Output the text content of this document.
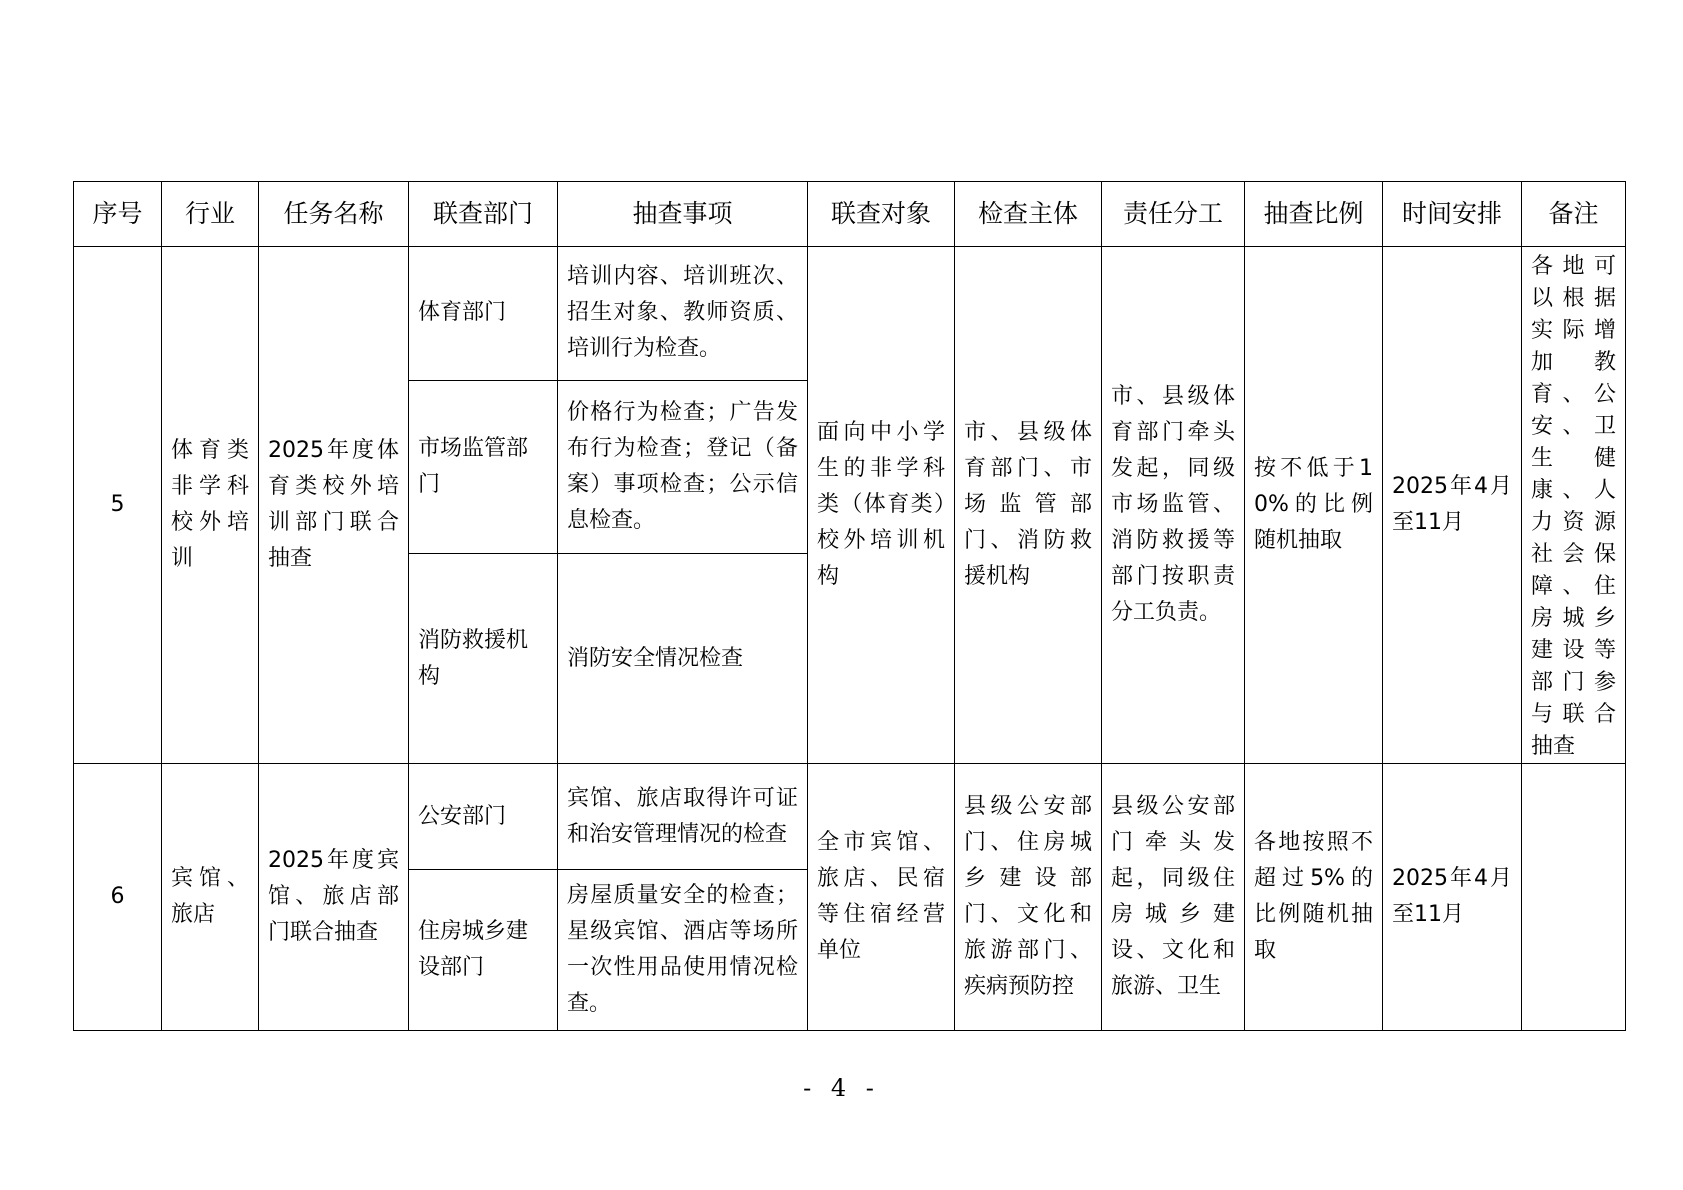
序号	行业	任务名称	联查部门	抽查事项	联查对象	检查主体	责任分工	抽查比例	时间安排	备注
5	体育类非学科校外培训	2025年度体育类校外培训部门联合抽查	体育部门	培训内容、培训班次、招生对象、教师资质、培训行为检查。	面向中小学生的非学科类（体育类）校外培训机构	市、县级体育部门、市场监管部门、消防救援机构	市、县级体育部门牵头发起，同级市场监管、消防救援等部门按职责分工负责。	按不低于10%的比例随机抽取	2025年4月至11月	各地可以根据实际增加教育、公安、卫生健康、人力资源社会保障、住房城乡建设等部门参与联合抽查
			市场监管部门	价格行为检查；广告发布行为检查；登记（备案）事项检查；公示信息检查。						
			消防救援机构	消防安全情况检查						
6	宾馆、旅店	2025年度宾馆、旅店部门联合抽查	公安部门	宾馆、旅店取得许可证和治安管理情况的检查	全市宾馆、旅店、民宿等住宿经营单位	县级公安部门、住房城乡建设部门、文化和旅游部门、疾病预防控	县级公安部门牵头发起，同级住房城乡建设、文化和旅游、卫生	各地按照不超过5%的比例随机抽取	2025年4月至11月	
			住房城乡建设部门	房屋质量安全的检查；星级宾馆、酒店等场所一次性用品使用情况检查。						
- 4 -
